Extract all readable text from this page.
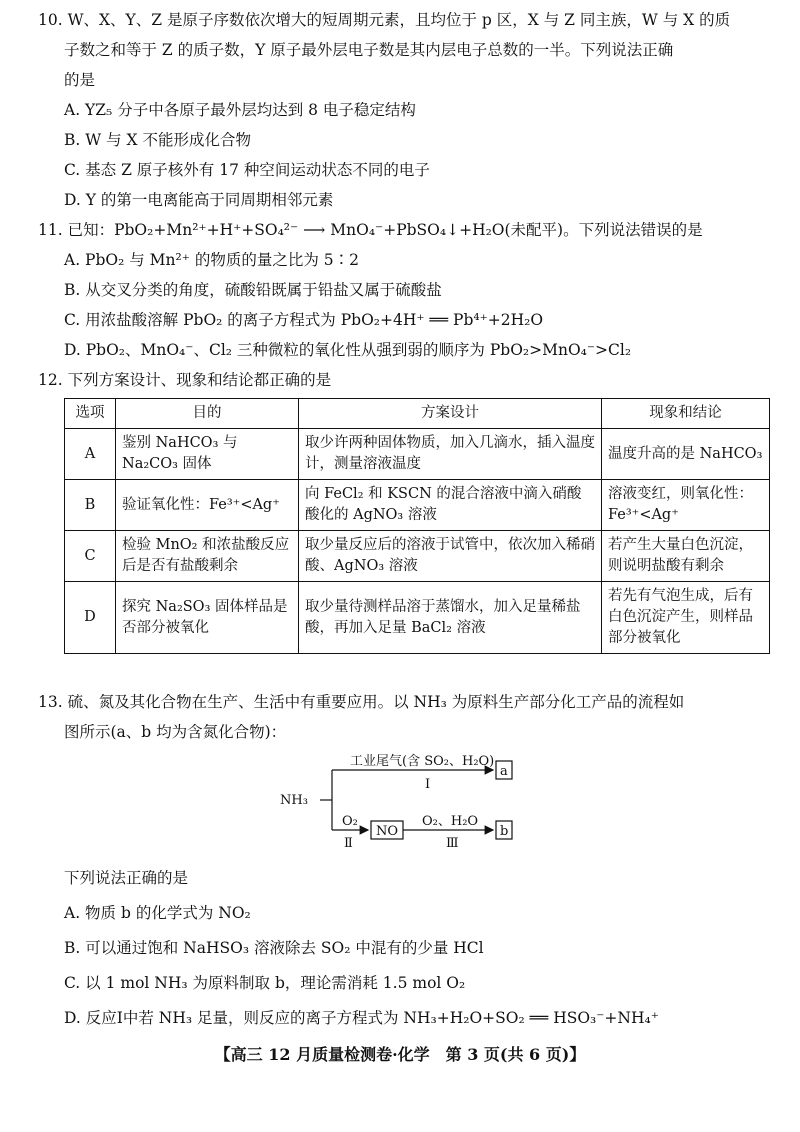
10. W、X、Y、Z 是原子序数依次增大的短周期元素，且均位于 p 区，X 与 Z 同主族，W 与 X 的质
子数之和等于 Z 的质子数，Y 原子最外层电子数是其内层电子总数的一半。下列说法正确
的是
A. YZ₅ 分子中各原子最外层均达到 8 电子稳定结构
B. W 与 X 不能形成化合物
C. 基态 Z 原子核外有 17 种空间运动状态不同的电子
D. Y 的第一电离能高于同周期相邻元素
11. 已知：PbO₂+Mn²⁺+H⁺+SO₄²⁻ ⟶ MnO₄⁻+PbSO₄↓+H₂O(未配平)。下列说法错误的是
A. PbO₂ 与 Mn²⁺ 的物质的量之比为 5∶2
B. 从交叉分类的角度，硫酸铅既属于铅盐又属于硫酸盐
C. 用浓盐酸溶解 PbO₂ 的离子方程式为 PbO₂+4H⁺ ══ Pb⁴⁺+2H₂O
D. PbO₂、MnO₄⁻、Cl₂ 三种微粒的氧化性从强到弱的顺序为 PbO₂>MnO₄⁻>Cl₂
12. 下列方案设计、现象和结论都正确的是
选项	目的	方案设计	现象和结论
A	鉴别 NaHCO₃ 与 Na₂CO₃ 固体	取少许两种固体物质，加入几滴水，插入温度计，测量溶液温度	温度升高的是 NaHCO₃
B	验证氧化性：Fe³⁺<Ag⁺	向 FeCl₂ 和 KSCN 的混合溶液中滴入硝酸酸化的 AgNO₃ 溶液	溶液变红，则氧化性：Fe³⁺<Ag⁺
C	检验 MnO₂ 和浓盐酸反应后是否有盐酸剩余	取少量反应后的溶液于试管中，依次加入稀硝酸、AgNO₃ 溶液	若产生大量白色沉淀，则说明盐酸有剩余
D	探究 Na₂SO₃ 固体样品是否部分被氧化	取少量待测样品溶于蒸馏水，加入足量稀盐酸，再加入足量 BaCl₂ 溶液	若先有气泡生成，后有白色沉淀产生，则样品部分被氧化
13. 硫、氮及其化合物在生产、生活中有重要应用。以 NH₃ 为原料生产部分化工产品的流程如
图所示(a、b 均为含氮化合物)：
NH₃
工业尾气(含 SO₂、H₂O)
Ⅰ
a
O₂
Ⅱ
NO
O₂、H₂O
Ⅲ
b
下列说法正确的是
A. 物质 b 的化学式为 NO₂
B. 可以通过饱和 NaHSO₃ 溶液除去 SO₂ 中混有的少量 HCl
C. 以 1 mol NH₃ 为原料制取 b，理论需消耗 1.5 mol O₂
D. 反应Ⅰ中若 NH₃ 足量，则反应的离子方程式为 NH₃+H₂O+SO₂ ══ HSO₃⁻+NH₄⁺
【高三 12 月质量检测卷·化学　第 3 页(共 6 页)】
